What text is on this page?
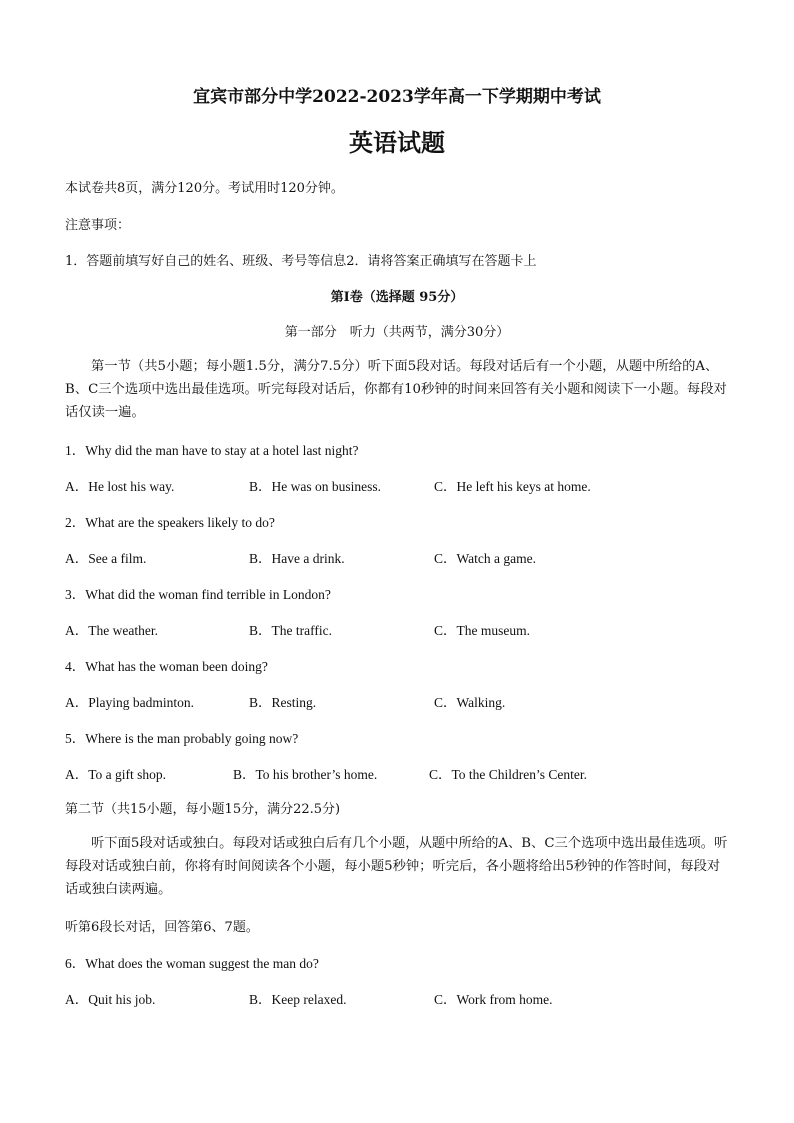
宜宾市部分中学2022-2023学年高一下学期期中考试
英语试题
本试卷共8页，满分120分。考试用时120分钟。
注意事项：
1．答题前填写好自己的姓名、班级、考号等信息2．请将答案正确填写在答题卡上
第I卷（选择题 95分）
第一部分　听力（共两节，满分30分）
第一节（共5小题；每小题1.5分，满分7.5分）听下面5段对话。每段对话后有一个小题，从题中所给的A、B、C三个选项中选出最佳选项。听完每段对话后，你都有10秒钟的时间来回答有关小题和阅读下一小题。每段对话仅读一遍。
1．Why did the man have to stay at a hotel last night?
A．He lost his way.	B．He was on business.	C．He left his keys at home.
2．What are the speakers likely to do?
A．See a film.	B．Have a drink.	C．Watch a game.
3．What did the woman find terrible in London?
A．The weather.	B．The traffic.	C．The museum.
4．What has the woman been doing?
A．Playing badminton.	B．Resting.	C．Walking.
5．Where is the man probably going now?
A．To a gift shop.	B．To his brother’s home.	C．To the Children’s Center.
第二节（共15小题，每小题15分，满分22.5分)
听下面5段对话或独白。每段对话或独白后有几个小题，从题中所给的A、B、C三个选项中选出最佳选项。听每段对话或独白前，你将有时间阅读各个小题，每小题5秒钟；听完后，各小题将给出5秒钟的作答时间，每段对话或独白读两遍。
听第6段长对话，回答第6、7题。
6．What does the woman suggest the man do?
A．Quit his job.	B．Keep relaxed.	C．Work from home.
